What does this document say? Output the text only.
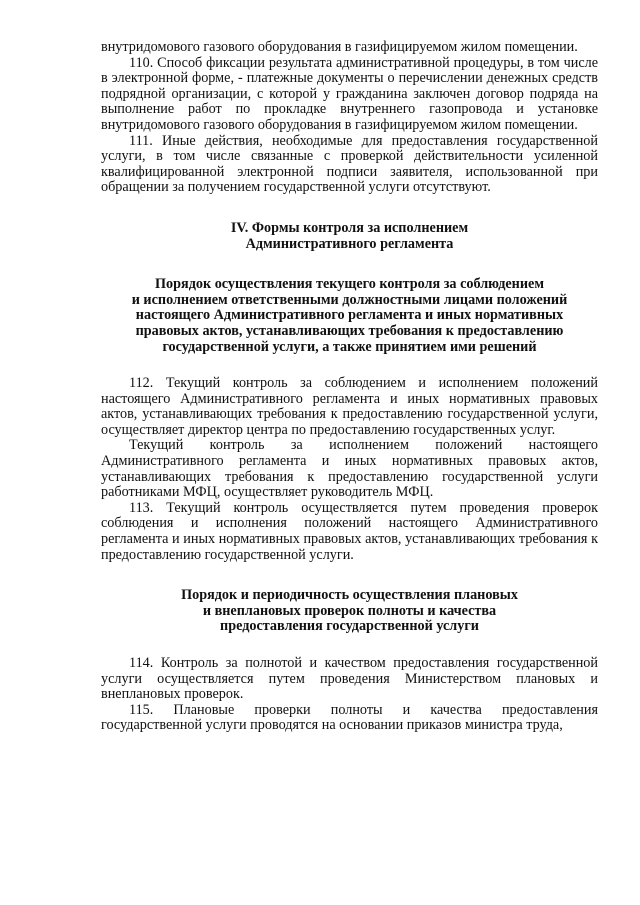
внутридомового газового оборудования в газифицируемом жилом помещении.

110. Способ фиксации результата административной процедуры, в том числе в электронной форме, - платежные документы о перечислении денежных средств подрядной организации, с которой у гражданина заключен договор подряда на выполнение работ по прокладке внутреннего газопровода и установке внутридомового газового оборудования в газифицируемом жилом помещении.

111. Иные действия, необходимые для предоставления государственной услуги, в том числе связанные с проверкой действительности усиленной квалифицированной электронной подписи заявителя, использованной при обращении за получением государственной услуги отсутствуют.

IV. Формы контроля за исполнением

Административного регламента

Порядок осуществления текущего контроля за соблюдением

и исполнением ответственными должностными лицами положений

настоящего Административного регламента и иных нормативных

правовых актов, устанавливающих требования к предоставлению

государственной услуги, а также принятием ими решений

112. Текущий контроль за соблюдением и исполнением положений настоящего Административного регламента и иных нормативных правовых актов, устанавливающих требования к предоставлению государственной услуги, осуществляет директор центра по предоставлению государственных услуг.

Текущий контроль за исполнением положений настоящего Административного регламента и иных нормативных правовых актов, устанавливающих требования к предоставлению государственной услуги работниками МФЦ, осуществляет руководитель МФЦ.

113. Текущий контроль осуществляется путем проведения проверок соблюдения и исполнения положений настоящего Административного регламента и иных нормативных правовых актов, устанавливающих требования к предоставлению государственной услуги.

Порядок и периодичность осуществления плановых

и внеплановых проверок полноты и качества

предоставления государственной услуги

114. Контроль за полнотой и качеством предоставления государственной услуги осуществляется путем проведения Министерством плановых и внеплановых проверок.

115. Плановые проверки полноты и качества предоставления государственной услуги проводятся на основании приказов министра труда,
